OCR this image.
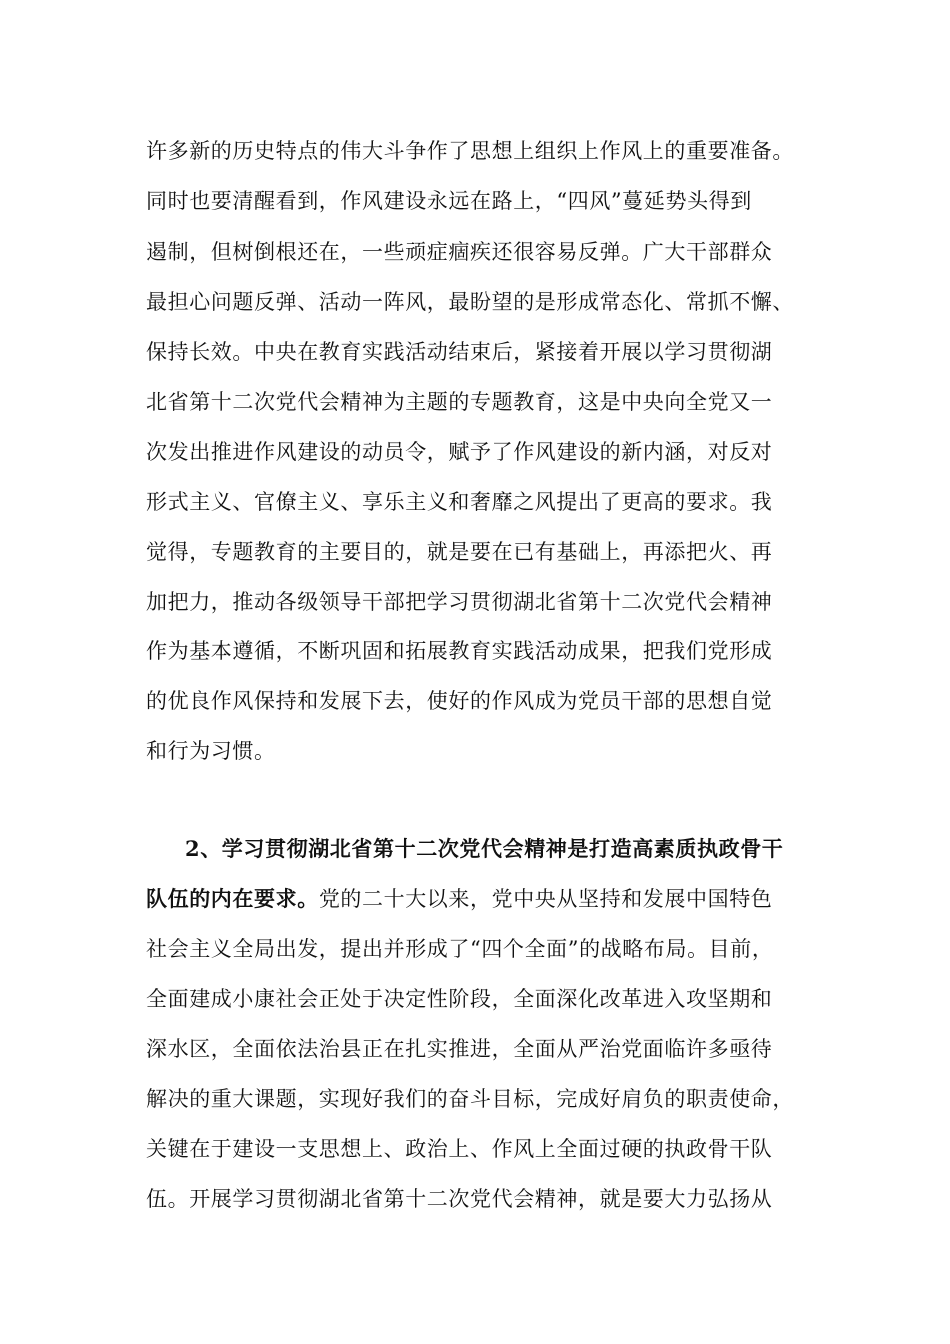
许多新的历史特点的伟大斗争作了思想上组织上作风上的重要准备。
同时也要清醒看到，作风建设永远在路上，“四风”蔓延势头得到
遏制，但树倒根还在，一些顽症痼疾还很容易反弹。广大干部群众
最担心问题反弹、活动一阵风，最盼望的是形成常态化、常抓不懈、
保持长效。中央在教育实践活动结束后，紧接着开展以学习贯彻湖
北省第十二次党代会精神为主题的专题教育，这是中央向全党又一
次发出推进作风建设的动员令，赋予了作风建设的新内涵，对反对
形式主义、官僚主义、享乐主义和奢靡之风提出了更高的要求。我
觉得，专题教育的主要目的，就是要在已有基础上，再添把火、再
加把力，推动各级领导干部把学习贯彻湖北省第十二次党代会精神
作为基本遵循，不断巩固和拓展教育实践活动成果，把我们党形成
的优良作风保持和发展下去，使好的作风成为党员干部的思想自觉
和行为习惯。
2、学习贯彻湖北省第十二次党代会精神是打造高素质执政骨干
队伍的内在要求。党的二十大以来，党中央从坚持和发展中国特色
社会主义全局出发，提出并形成了“四个全面”的战略布局。目前，
全面建成小康社会正处于决定性阶段，全面深化改革进入攻坚期和
深水区，全面依法治县正在扎实推进，全面从严治党面临许多亟待
解决的重大课题，实现好我们的奋斗目标，完成好肩负的职责使命，
关键在于建设一支思想上、政治上、作风上全面过硬的执政骨干队
伍。开展学习贯彻湖北省第十二次党代会精神，就是要大力弘扬从
